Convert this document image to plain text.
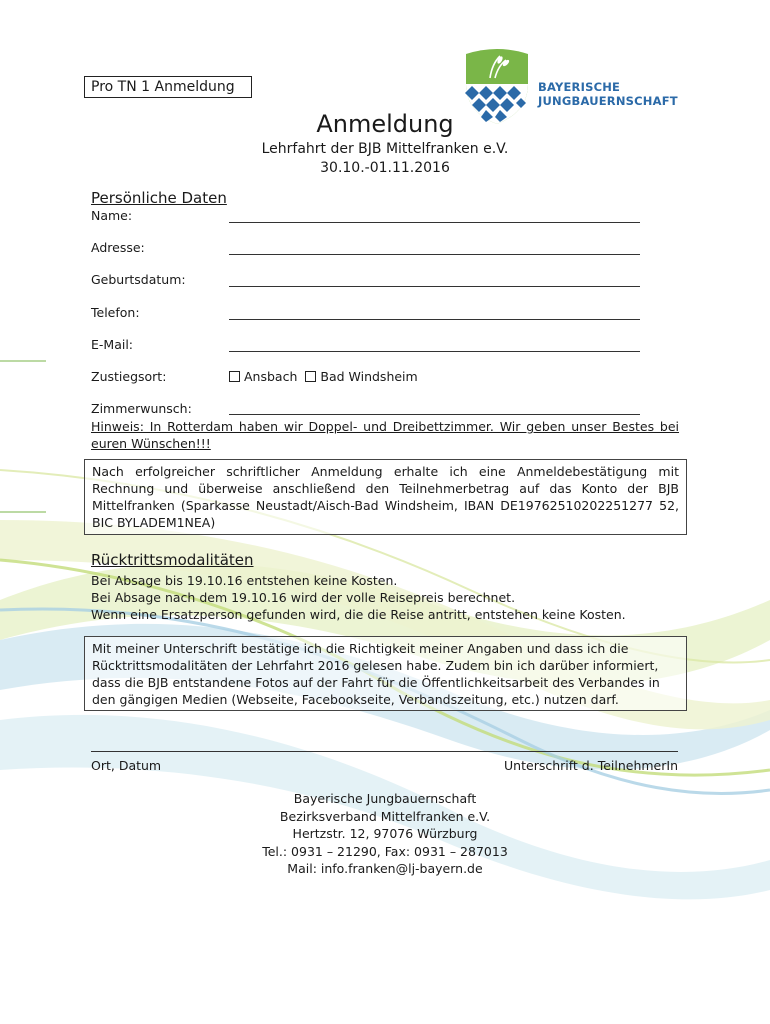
Pro TN 1 Anmeldung	BAYERISCHE
JUNGBAUERNSCHAFT
Anmeldung
Lehrfahrt der BJB Mittelfranken e.V.
30.10.-01.11.2016
Persönliche Daten
Name:
Adresse:
Geburtsdatum:
Telefon:
E-Mail:
Zustiegsort:	Ansbach Bad Windsheim
Zimmerwunsch:
Hinweis: In Rotterdam haben wir Doppel- und Dreibettzimmer. Wir geben unser Bestes bei euren Wünschen!!!
Nach erfolgreicher schriftlicher Anmeldung erhalte ich eine Anmeldebestätigung mit Rechnung und überweise anschließend den Teilnehmerbetrag auf das Konto der BJB Mittelfranken (Sparkasse Neustadt/Aisch-Bad Windsheim, IBAN DE19762510202251277 52, BIC BYLADEM1NEA)
Rücktrittsmodalitäten
Bei Absage bis 19.10.16 entstehen keine Kosten.
Bei Absage nach dem 19.10.16 wird der volle Reisepreis berechnet.
Wenn eine Ersatzperson gefunden wird, die die Reise antritt, entstehen keine Kosten.
Mit meiner Unterschrift bestätige ich die Richtigkeit meiner Angaben und dass ich die Rücktrittsmodalitäten der Lehrfahrt 2016 gelesen habe. Zudem bin ich darüber informiert, dass die BJB entstandene Fotos auf der Fahrt für die Öffentlichkeitsarbeit des Verbandes in den gängigen Medien (Webseite, Facebookseite, Verbandszeitung, etc.) nutzen darf.
Ort, Datum	Unterschrift d. TeilnehmerIn
Bayerische Jungbauernschaft
Bezirksverband Mittelfranken e.V.
Hertzstr. 12, 97076 Würzburg
Tel.: 0931 – 21290, Fax: 0931 – 287013
Mail: info.franken@lj-bayern.de
